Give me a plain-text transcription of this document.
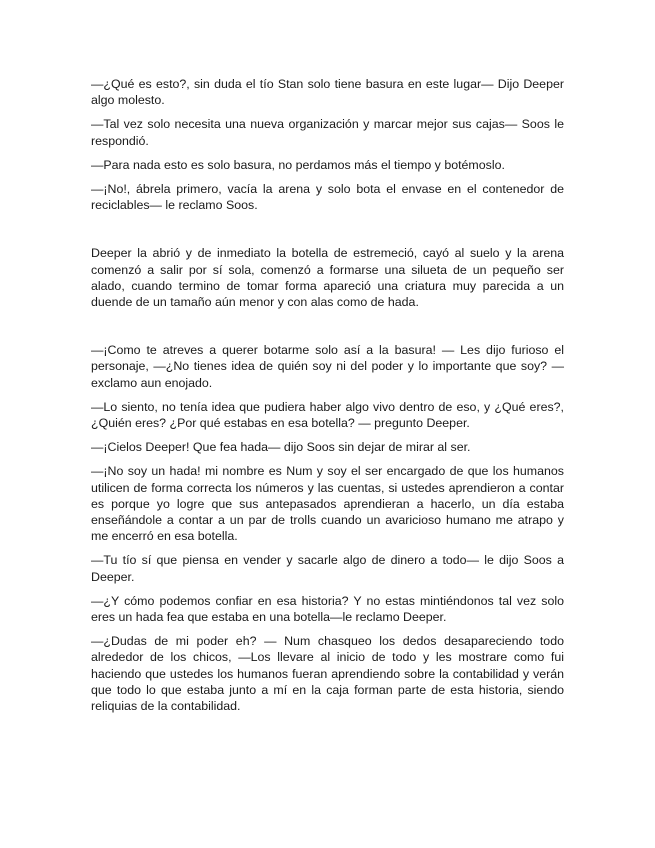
—¿Qué es esto?, sin duda el tío Stan solo tiene basura en este lugar— Dijo Deeper algo molesto.

—Tal vez solo necesita una nueva organización y marcar mejor sus cajas— Soos le respondió.

—Para nada esto es solo basura, no perdamos más el tiempo y botémoslo.

—¡No!, ábrela primero, vacía la arena y solo bota el envase en el contenedor de reciclables— le reclamo Soos.

Deeper la abrió y de inmediato la botella de estremeció, cayó al suelo y la arena comenzó a salir por sí sola, comenzó a formarse una silueta de un pequeño ser alado, cuando termino de tomar forma apareció una criatura muy parecida a un duende de un tamaño aún menor y con alas como de hada.

—¡Como te atreves a querer botarme solo así a la basura! — Les dijo furioso el personaje, —¿No tienes idea de quién soy ni del poder y lo importante que soy? — exclamo aun enojado.

—Lo siento, no tenía idea que pudiera haber algo vivo dentro de eso, y ¿Qué eres?, ¿Quién eres? ¿Por qué estabas en esa botella? — pregunto Deeper.

—¡Cielos Deeper! Que fea hada— dijo Soos sin dejar de mirar al ser.

—¡No soy un hada! mi nombre es Num y soy el ser encargado de que los humanos utilicen de forma correcta los números y las cuentas, si ustedes aprendieron a contar es porque yo logre que sus antepasados aprendieran a hacerlo, un día estaba enseñándole a contar a un par de trolls cuando un avaricioso humano me atrapo y me encerró en esa botella.

—Tu tío sí que piensa en vender y sacarle algo de dinero a todo— le dijo Soos a Deeper.

—¿Y cómo podemos confiar en esa historia? Y no estas mintiéndonos tal vez solo eres un hada fea que estaba en una botella—le reclamo Deeper.

—¿Dudas de mi poder eh? — Num chasqueo los dedos desapareciendo todo alrededor de los chicos, —Los llevare al inicio de todo y les mostrare como fui haciendo que ustedes los humanos fueran aprendiendo sobre la contabilidad y verán que todo lo que estaba junto a mí en la caja forman parte de esta historia, siendo reliquias de la contabilidad.
